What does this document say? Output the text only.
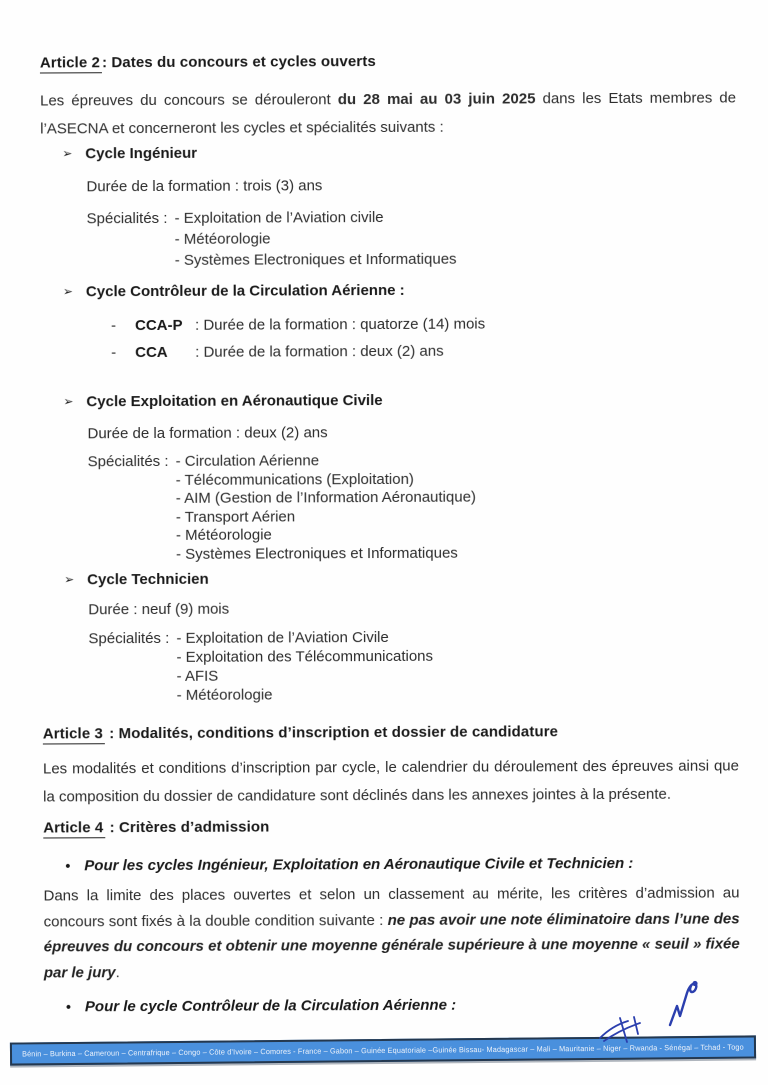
Article 2 : Dates du concours et cycles ouverts
Les épreuves du concours se dérouleront du 28 mai au 03 juin 2025 dans les Etats membres de l’ASECNA et concerneront les cycles et spécialités suivants :
➢ Cycle Ingénieur
Durée de la formation : trois (3) ans
Spécialités : - Exploitation de l’Aviation civile
- Météorologie
- Systèmes Electroniques et Informatiques
➢ Cycle Contrôleur de la Circulation Aérienne :
-	CCA-P : Durée de la formation : quatorze (14) mois
-	CCA	: Durée de la formation : deux (2) ans
➢ Cycle Exploitation en Aéronautique Civile
Durée de la formation : deux (2) ans
Spécialités : - Circulation Aérienne
- Télécommunications (Exploitation)
- AIM (Gestion de l’Information Aéronautique)
- Transport Aérien
- Météorologie
- Systèmes Electroniques et Informatiques
➢ Cycle Technicien
Durée : neuf (9) mois
Spécialités : - Exploitation de l’Aviation Civile
- Exploitation des Télécommunications
- AFIS
- Météorologie
Article 3 : Modalités, conditions d’inscription et dossier de candidature
Les modalités et conditions d’inscription par cycle, le calendrier du déroulement des épreuves ainsi que la composition du dossier de candidature sont déclinés dans les annexes jointes à la présente.
Article 4 : Critères d’admission
• Pour les cycles Ingénieur, Exploitation en Aéronautique Civile et Technicien :
Dans la limite des places ouvertes et selon un classement au mérite, les critères d’admission au concours sont fixés à la double condition suivante : ne pas avoir une note éliminatoire dans l’une des épreuves du concours et obtenir une moyenne générale supérieure à une moyenne « seuil » fixée par le jury.
• Pour le cycle Contrôleur de la Circulation Aérienne :
Bénin – Burkina – Cameroun – Centrafrique – Congo – Côte d’Ivoire – Comores - France – Gabon – Guinée Equatoriale –Guinée Bissau- Madagascar – Mali – Mauritanie – Niger – Rwanda - Sénégal – Tchad - Togo
